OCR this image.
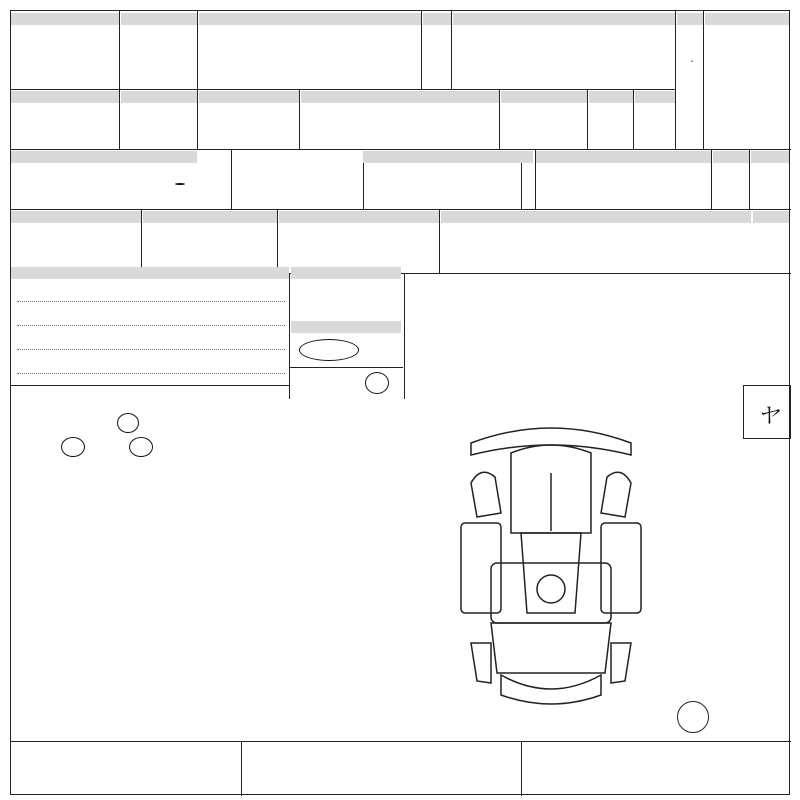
・
ヤ
